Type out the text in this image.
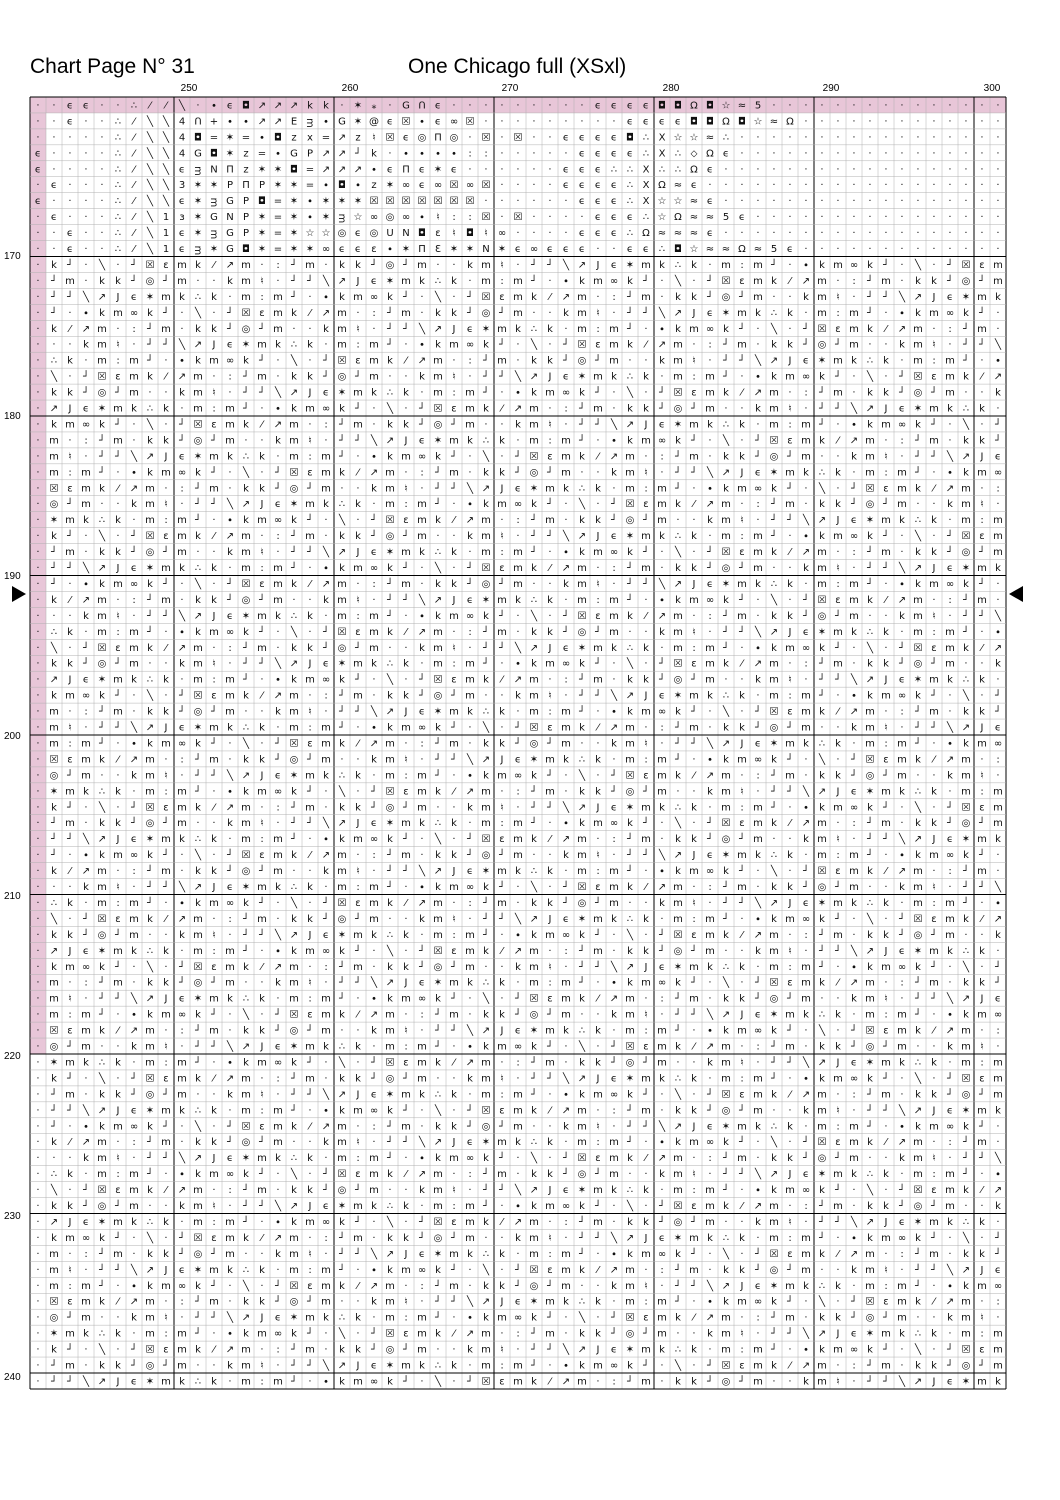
Chart Page N° 31	One Chicago full (XSxl)
250	260	270	280	290	300
170
180
190
200
210
220
230
240
· · ϵ ϵ · · ∴ ⁄ ⁄ ╲ · ∙ ϵ ◘ ↗ ↗ ↗ k k · ✶ ⁎ · G Ո ϵ · · · · · · · · · ϵ ϵ ϵ ϵ ◘ ◘ Ω ◘ ☆ ≈ 5 · · · · · · · · · · · · · · ·
· · ϵ · · ∴ ⁄ ╲ ╲ 4 Ո + ∙ ∙ ↗ ↗ E ᴟ ∙ G ✶ @ ϵ ☒ ∙ ϵ ∞ ☒ · · · · · · · · · ϵ ϵ ϵ ϵ ◘ ◘ Ω ◘ ☆ ≈ Ω · · · · · · · · · · · · ·
· · · · · ∴ ⁄ ╲ ╲ 4 ◘ = ✶ = ∙ ◘ z x = ↗ z ♮ ☒ ϵ ◎ Π ◎ · ☒ · ☒ · · ϵ ϵ ϵ ϵ ◘ ∴ X ☆ ☆ ≈ ∴ · · · · · · · · · · · · · · · · ·
ϵ · · · · ∴ ⁄ ╲ ╲ 4 G ◘ ✶ z = ∙ G P ↗ ↗ ┘ k · ∙ ∙ ∙ ∙ : : · · · · · ϵ ϵ ϵ ϵ ∴ X ∴ ⬦ Ω ϵ · · · · · · · · · · · · · · · · ·
ϵ · · · · ∴ ⁄ ╲ ╲ ϵ ᴟ N Π z ✶ ✶ ◘ = ↗ ↗ ↗ ∙ ϵ Π ϵ ✶ ϵ · · · · · · ϵ ϵ ϵ ∴ ∴ X ∴ ∴ Ω ϵ · · · · · · · · · · · · · · · · · ·
· ϵ · · · ∴ ⁄ ╲ ╲ 3 ✶ ✶ P Π P ✶ ✶ = ∙ ◘ ∙ z ✶ ∞ ϵ ∞ ☒ ∞ ☒ · · · · ϵ ϵ ϵ ϵ ∴ X Ω ≈ ϵ · · · · · · · · · · · · · · · · · · ·
ϵ · · · · ∴ ⁄ ╲ ╲ ϵ ✶ ᴟ G P ◘ = ✶ ∙ ✶ ✶ ✶ ☒ ☒ ☒ ☒ ☒ ☒ ☒ · · · · · · ϵ ϵ ϵ ∴ X ☆ ☆ ≈ ϵ · · · · · · · · · · · · · · · · · ·
· ϵ · · · ∴ ⁄ ╲ 1 ɜ ✶ G N P ✶ = ✶ ∙ ✶ ᴟ ☆ ∞ ◎ ∞ ∙ ♮ : : ☒ · ☒ · · · · ϵ ϵ ϵ ∴ ☆ Ω ≈ ≈ 5 ϵ · · · · · · · · · · · · · · · ·
· · ϵ · · ∴ ⁄ ╲ 1 ϵ ✶ ᴟ G P ✶ = ✶ ☆ ☆ ◎ ϵ ◎ Ս N ◘ ɛ ♮ ◘ ♮ ∞ · · · · ϵ ϵ ϵ ∴ Ω ≈ ≈ ≈ ϵ · · · · · · · · · · · · · · · · · ·
· · ϵ · · ∴ ⁄ ╲ 1 ϵ ᴟ ✶ G ◘ ✶ = ✶ ✶ ∞ ϵ ϵ ɛ ∙ ✶ Π Ɛ ✶ ✶ N ✶ ϵ ∞ ϵ ϵ ϵ · · ϵ ϵ ∴ ◘ ☆ ≈ ≈ Ω ≈ 5 ϵ · · · · · · · · · · · · ·
· k ┘ · ╲ · ┘ ☒ ε m k ⁄ ↗ m · : ┘ m · k k ┘ ◎ ┘ m · · k m ♮ · ┘ ┘ ╲ ↗ J ϵ ✶ m k ∴ k · m : m ┘ · ∙ k m ∞ k ┘ · ╲ · ┘ ☒ ε m
· ┘ m · k k ┘ ◎ ┘ m · · k m ♮ · ┘ ┘ ╲ ↗ J ϵ ✶ m k ∴ k · m : m ┘ · ∙ k m ∞ k ┘ · ╲ · ┘ ☒ ε m k ⁄ ↗ m · : ┘ m · k k ┘ ◎ ┘ m
· ┘ ┘ ╲ ↗ J ϵ ✶ m k ∴ k · m : m ┘ · ∙ k m ∞ k ┘ · ╲ · ┘ ☒ ε m k ⁄ ↗ m · : ┘ m · k k ┘ ◎ ┘ m · · k m ♮ · ┘ ┘ ╲ ↗ J ϵ ✶ m k
· ┘ · ∙ k m ∞ k ┘ · ╲ · ┘ ☒ ε m k ⁄ ↗ m · : ┘ m · k k ┘ ◎ ┘ m · · k m ♮ · ┘ ┘ ╲ ↗ J ϵ ✶ m k ∴ k · m : m ┘ · ∙ k m ∞ k ┘ ·
· k ⁄ ↗ m · : ┘ m · k k ┘ ◎ ┘ m · · k m ♮ · ┘ ┘ ╲ ↗ J ϵ ✶ m k ∴ k · m : m ┘ · ∙ k m ∞ k ┘ · ╲ · ┘ ☒ ε m k ⁄ ↗ m · : ┘ m ·
· · · k m ♮ · ┘ ┘ ╲ ↗ J ϵ ✶ m k ∴ k · m : m ┘ · ∙ k m ∞ k ┘ · ╲ · ┘ ☒ ε m k ⁄ ↗ m · : ┘ m · k k ┘ ◎ ┘ m · · k m ♮ · ┘ ┘ ╲
· ∴ k · m : m ┘ · ∙ k m ∞ k ┘ · ╲ · ┘ ☒ ε m k ⁄ ↗ m · : ┘ m · k k ┘ ◎ ┘ m · · k m ♮ · ┘ ┘ ╲ ↗ J ϵ ✶ m k ∴ k · m : m ┘ · ∙
· ╲ · ┘ ☒ ε m k ⁄ ↗ m · : ┘ m · k k ┘ ◎ ┘ m · · k m ♮ · ┘ ┘ ╲ ↗ J ϵ ✶ m k ∴ k · m : m ┘ · ∙ k m ∞ k ┘ · ╲ · ┘ ☒ ε m k ⁄ ↗
· k k ┘ ◎ ┘ m · · k m ♮ · ┘ ┘ ╲ ↗ J ϵ ✶ m k ∴ k · m : m ┘ · ∙ k m ∞ k ┘ · ╲ · ┘ ☒ ε m k ⁄ ↗ m · : ┘ m · k k ┘ ◎ ┘ m · · k
· ↗ J ϵ ✶ m k ∴ k · m : m ┘ · ∙ k m ∞ k ┘ · ╲ · ┘ ☒ ε m k ⁄ ↗ m · : ┘ m · k k ┘ ◎ ┘ m · · k m ♮ · ┘ ┘ ╲ ↗ J ϵ ✶ m k ∴ k ·
· k m ∞ k ┘ · ╲ · ┘ ☒ ε m k ⁄ ↗ m · : ┘ m · k k ┘ ◎ ┘ m · · k m ♮ · ┘ ┘ ╲ ↗ J ϵ ✶ m k ∴ k · m : m ┘ · ∙ k m ∞ k ┘ · ╲ · ┘
· m · : ┘ m · k k ┘ ◎ ┘ m · · k m ♮ · ┘ ┘ ╲ ↗ J ϵ ✶ m k ∴ k · m : m ┘ · ∙ k m ∞ k ┘ · ╲ · ┘ ☒ ε m k ⁄ ↗ m · : ┘ m · k k ┘
· m ♮ · ┘ ┘ ╲ ↗ J ϵ ✶ m k ∴ k · m : m ┘ · ∙ k m ∞ k ┘ · ╲ · ┘ ☒ ε m k ⁄ ↗ m · : ┘ m · k k ┘ ◎ ┘ m · · k m ♮ · ┘ ┘ ╲ ↗ J ϵ
· m : m ┘ · ∙ k m ∞ k ┘ · ╲ · ┘ ☒ ε m k ⁄ ↗ m · : ┘ m · k k ┘ ◎ ┘ m · · k m ♮ · ┘ ┘ ╲ ↗ J ϵ ✶ m k ∴ k · m : m ┘ · ∙ k m ∞
· ☒ ε m k ⁄ ↗ m · : ┘ m · k k ┘ ◎ ┘ m · · k m ♮ · ┘ ┘ ╲ ↗ J ϵ ✶ m k ∴ k · m : m ┘ · ∙ k m ∞ k ┘ · ╲ · ┘ ☒ ε m k ⁄ ↗ m · :
· ◎ ┘ m · · k m ♮ · ┘ ┘ ╲ ↗ J ϵ ✶ m k ∴ k · m : m ┘ · ∙ k m ∞ k ┘ · ╲ · ┘ ☒ ε m k ⁄ ↗ m · : ┘ m · k k ┘ ◎ ┘ m · · k m ♮ ·
· ✶ m k ∴ k · m : m ┘ · ∙ k m ∞ k ┘ · ╲ · ┘ ☒ ε m k ⁄ ↗ m · : ┘ m · k k ┘ ◎ ┘ m · · k m ♮ · ┘ ┘ ╲ ↗ J ϵ ✶ m k ∴ k · m : m
· k ┘ · ╲ · ┘ ☒ ε m k ⁄ ↗ m · : ┘ m · k k ┘ ◎ ┘ m · · k m ♮ · ┘ ┘ ╲ ↗ J ϵ ✶ m k ∴ k · m : m ┘ · ∙ k m ∞ k ┘ · ╲ · ┘ ☒ ε m
· ┘ m · k k ┘ ◎ ┘ m · · k m ♮ · ┘ ┘ ╲ ↗ J ϵ ✶ m k ∴ k · m : m ┘ · ∙ k m ∞ k ┘ · ╲ · ┘ ☒ ε m k ⁄ ↗ m · : ┘ m · k k ┘ ◎ ┘ m
· ┘ ┘ ╲ ↗ J ϵ ✶ m k ∴ k · m : m ┘ · ∙ k m ∞ k ┘ · ╲ · ┘ ☒ ε m k ⁄ ↗ m · : ┘ m · k k ┘ ◎ ┘ m · · k m ♮ · ┘ ┘ ╲ ↗ J ϵ ✶ m k
· ┘ · ∙ k m ∞ k ┘ · ╲ · ┘ ☒ ε m k ⁄ ↗ m · : ┘ m · k k ┘ ◎ ┘ m · · k m ♮ · ┘ ┘ ╲ ↗ J ϵ ✶ m k ∴ k · m : m ┘ · ∙ k m ∞ k ┘ ·
· k ⁄ ↗ m · : ┘ m · k k ┘ ◎ ┘ m · · k m ♮ · ┘ ┘ ╲ ↗ J ϵ ✶ m k ∴ k · m : m ┘ · ∙ k m ∞ k ┘ · ╲ · ┘ ☒ ε m k ⁄ ↗ m · : ┘ m ·
· · · k m ♮ · ┘ ┘ ╲ ↗ J ϵ ✶ m k ∴ k · m : m ┘ · ∙ k m ∞ k ┘ · ╲ · ┘ ☒ ε m k ⁄ ↗ m · : ┘ m · k k ┘ ◎ ┘ m · · k m ♮ · ┘ ┘ ╲
· ∴ k · m : m ┘ · ∙ k m ∞ k ┘ · ╲ · ┘ ☒ ε m k ⁄ ↗ m · : ┘ m · k k ┘ ◎ ┘ m · · k m ♮ · ┘ ┘ ╲ ↗ J ϵ ✶ m k ∴ k · m : m ┘ · ∙
· ╲ · ┘ ☒ ε m k ⁄ ↗ m · : ┘ m · k k ┘ ◎ ┘ m · · k m ♮ · ┘ ┘ ╲ ↗ J ϵ ✶ m k ∴ k · m : m ┘ · ∙ k m ∞ k ┘ · ╲ · ┘ ☒ ε m k ⁄ ↗
· k k ┘ ◎ ┘ m · · k m ♮ · ┘ ┘ ╲ ↗ J ϵ ✶ m k ∴ k · m : m ┘ · ∙ k m ∞ k ┘ · ╲ · ┘ ☒ ε m k ⁄ ↗ m · : ┘ m · k k ┘ ◎ ┘ m · · k
· ↗ J ϵ ✶ m k ∴ k · m : m ┘ · ∙ k m ∞ k ┘ · ╲ · ┘ ☒ ε m k ⁄ ↗ m · : ┘ m · k k ┘ ◎ ┘ m · · k m ♮ · ┘ ┘ ╲ ↗ J ϵ ✶ m k ∴ k ·
· k m ∞ k ┘ · ╲ · ┘ ☒ ε m k ⁄ ↗ m · : ┘ m · k k ┘ ◎ ┘ m · · k m ♮ · ┘ ┘ ╲ ↗ J ϵ ✶ m k ∴ k · m : m ┘ · ∙ k m ∞ k ┘ · ╲ · ┘
· m · : ┘ m · k k ┘ ◎ ┘ m · · k m ♮ · ┘ ┘ ╲ ↗ J ϵ ✶ m k ∴ k · m : m ┘ · ∙ k m ∞ k ┘ · ╲ · ┘ ☒ ε m k ⁄ ↗ m · : ┘ m · k k ┘
· m ♮ · ┘ ┘ ╲ ↗ J ϵ ✶ m k ∴ k · m : m ┘ · ∙ k m ∞ k ┘ · ╲ · ┘ ☒ ε m k ⁄ ↗ m · : ┘ m · k k ┘ ◎ ┘ m · · k m ♮ · ┘ ┘ ╲ ↗ J ϵ
· m : m ┘ · ∙ k m ∞ k ┘ · ╲ · ┘ ☒ ε m k ⁄ ↗ m · : ┘ m · k k ┘ ◎ ┘ m · · k m ♮ · ┘ ┘ ╲ ↗ J ϵ ✶ m k ∴ k · m : m ┘ · ∙ k m ∞
· ☒ ε m k ⁄ ↗ m · : ┘ m · k k ┘ ◎ ┘ m · · k m ♮ · ┘ ┘ ╲ ↗ J ϵ ✶ m k ∴ k · m : m ┘ · ∙ k m ∞ k ┘ · ╲ · ┘ ☒ ε m k ⁄ ↗ m · :
· ◎ ┘ m · · k m ♮ · ┘ ┘ ╲ ↗ J ϵ ✶ m k ∴ k · m : m ┘ · ∙ k m ∞ k ┘ · ╲ · ┘ ☒ ε m k ⁄ ↗ m · : ┘ m · k k ┘ ◎ ┘ m · · k m ♮ ·
· ✶ m k ∴ k · m : m ┘ · ∙ k m ∞ k ┘ · ╲ · ┘ ☒ ε m k ⁄ ↗ m · : ┘ m · k k ┘ ◎ ┘ m · · k m ♮ · ┘ ┘ ╲ ↗ J ϵ ✶ m k ∴ k · m : m
· k ┘ · ╲ · ┘ ☒ ε m k ⁄ ↗ m · : ┘ m · k k ┘ ◎ ┘ m · · k m ♮ · ┘ ┘ ╲ ↗ J ϵ ✶ m k ∴ k · m : m ┘ · ∙ k m ∞ k ┘ · ╲ · ┘ ☒ ε m
· ┘ m · k k ┘ ◎ ┘ m · · k m ♮ · ┘ ┘ ╲ ↗ J ϵ ✶ m k ∴ k · m : m ┘ · ∙ k m ∞ k ┘ · ╲ · ┘ ☒ ε m k ⁄ ↗ m · : ┘ m · k k ┘ ◎ ┘ m
· ┘ ┘ ╲ ↗ J ϵ ✶ m k ∴ k · m : m ┘ · ∙ k m ∞ k ┘ · ╲ · ┘ ☒ ε m k ⁄ ↗ m · : ┘ m · k k ┘ ◎ ┘ m · · k m ♮ · ┘ ┘ ╲ ↗ J ϵ ✶ m k
· ┘ · ∙ k m ∞ k ┘ · ╲ · ┘ ☒ ε m k ⁄ ↗ m · : ┘ m · k k ┘ ◎ ┘ m · · k m ♮ · ┘ ┘ ╲ ↗ J ϵ ✶ m k ∴ k · m : m ┘ · ∙ k m ∞ k ┘ ·
· k ⁄ ↗ m · : ┘ m · k k ┘ ◎ ┘ m · · k m ♮ · ┘ ┘ ╲ ↗ J ϵ ✶ m k ∴ k · m : m ┘ · ∙ k m ∞ k ┘ · ╲ · ┘ ☒ ε m k ⁄ ↗ m · : ┘ m ·
· · · k m ♮ · ┘ ┘ ╲ ↗ J ϵ ✶ m k ∴ k · m : m ┘ · ∙ k m ∞ k ┘ · ╲ · ┘ ☒ ε m k ⁄ ↗ m · : ┘ m · k k ┘ ◎ ┘ m · · k m ♮ · ┘ ┘ ╲
· ∴ k · m : m ┘ · ∙ k m ∞ k ┘ · ╲ · ┘ ☒ ε m k ⁄ ↗ m · : ┘ m · k k ┘ ◎ ┘ m · · k m ♮ · ┘ ┘ ╲ ↗ J ϵ ✶ m k ∴ k · m : m ┘ · ∙
· ╲ · ┘ ☒ ε m k ⁄ ↗ m · : ┘ m · k k ┘ ◎ ┘ m · · k m ♮ · ┘ ┘ ╲ ↗ J ϵ ✶ m k ∴ k · m : m ┘ · ∙ k m ∞ k ┘ · ╲ · ┘ ☒ ε m k ⁄ ↗
· k k ┘ ◎ ┘ m · · k m ♮ · ┘ ┘ ╲ ↗ J ϵ ✶ m k ∴ k · m : m ┘ · ∙ k m ∞ k ┘ · ╲ · ┘ ☒ ε m k ⁄ ↗ m · : ┘ m · k k ┘ ◎ ┘ m · · k
· ↗ J ϵ ✶ m k ∴ k · m : m ┘ · ∙ k m ∞ k ┘ · ╲ · ┘ ☒ ε m k ⁄ ↗ m · : ┘ m · k k ┘ ◎ ┘ m · · k m ♮ · ┘ ┘ ╲ ↗ J ϵ ✶ m k ∴ k ·
· k m ∞ k ┘ · ╲ · ┘ ☒ ε m k ⁄ ↗ m · : ┘ m · k k ┘ ◎ ┘ m · · k m ♮ · ┘ ┘ ╲ ↗ J ϵ ✶ m k ∴ k · m : m ┘ · ∙ k m ∞ k ┘ · ╲ · ┘
· m · : ┘ m · k k ┘ ◎ ┘ m · · k m ♮ · ┘ ┘ ╲ ↗ J ϵ ✶ m k ∴ k · m : m ┘ · ∙ k m ∞ k ┘ · ╲ · ┘ ☒ ε m k ⁄ ↗ m · : ┘ m · k k ┘
· m ♮ · ┘ ┘ ╲ ↗ J ϵ ✶ m k ∴ k · m : m ┘ · ∙ k m ∞ k ┘ · ╲ · ┘ ☒ ε m k ⁄ ↗ m · : ┘ m · k k ┘ ◎ ┘ m · · k m ♮ · ┘ ┘ ╲ ↗ J ϵ
· m : m ┘ · ∙ k m ∞ k ┘ · ╲ · ┘ ☒ ε m k ⁄ ↗ m · : ┘ m · k k ┘ ◎ ┘ m · · k m ♮ · ┘ ┘ ╲ ↗ J ϵ ✶ m k ∴ k · m : m ┘ · ∙ k m ∞
· ☒ ε m k ⁄ ↗ m · : ┘ m · k k ┘ ◎ ┘ m · · k m ♮ · ┘ ┘ ╲ ↗ J ϵ ✶ m k ∴ k · m : m ┘ · ∙ k m ∞ k ┘ · ╲ · ┘ ☒ ε m k ⁄ ↗ m · :
· ◎ ┘ m · · k m ♮ · ┘ ┘ ╲ ↗ J ϵ ✶ m k ∴ k · m : m ┘ · ∙ k m ∞ k ┘ · ╲ · ┘ ☒ ε m k ⁄ ↗ m · : ┘ m · k k ┘ ◎ ┘ m · · k m ♮ ·
· ✶ m k ∴ k · m : m ┘ · ∙ k m ∞ k ┘ · ╲ · ┘ ☒ ε m k ⁄ ↗ m · : ┘ m · k k ┘ ◎ ┘ m · · k m ♮ · ┘ ┘ ╲ ↗ J ϵ ✶ m k ∴ k · m : m
· k ┘ · ╲ · ┘ ☒ ε m k ⁄ ↗ m · : ┘ m · k k ┘ ◎ ┘ m · · k m ♮ · ┘ ┘ ╲ ↗ J ϵ ✶ m k ∴ k · m : m ┘ · ∙ k m ∞ k ┘ · ╲ · ┘ ☒ ε m
· ┘ m · k k ┘ ◎ ┘ m · · k m ♮ · ┘ ┘ ╲ ↗ J ϵ ✶ m k ∴ k · m : m ┘ · ∙ k m ∞ k ┘ · ╲ · ┘ ☒ ε m k ⁄ ↗ m · : ┘ m · k k ┘ ◎ ┘ m
· ┘ ┘ ╲ ↗ J ϵ ✶ m k ∴ k · m : m ┘ · ∙ k m ∞ k ┘ · ╲ · ┘ ☒ ε m k ⁄ ↗ m · : ┘ m · k k ┘ ◎ ┘ m · · k m ♮ · ┘ ┘ ╲ ↗ J ϵ ✶ m k
· ┘ · ∙ k m ∞ k ┘ · ╲ · ┘ ☒ ε m k ⁄ ↗ m · : ┘ m · k k ┘ ◎ ┘ m · · k m ♮ · ┘ ┘ ╲ ↗ J ϵ ✶ m k ∴ k · m : m ┘ · ∙ k m ∞ k ┘ ·
· k ⁄ ↗ m · : ┘ m · k k ┘ ◎ ┘ m · · k m ♮ · ┘ ┘ ╲ ↗ J ϵ ✶ m k ∴ k · m : m ┘ · ∙ k m ∞ k ┘ · ╲ · ┘ ☒ ε m k ⁄ ↗ m · : ┘ m ·
· · · k m ♮ · ┘ ┘ ╲ ↗ J ϵ ✶ m k ∴ k · m : m ┘ · ∙ k m ∞ k ┘ · ╲ · ┘ ☒ ε m k ⁄ ↗ m · : ┘ m · k k ┘ ◎ ┘ m · · k m ♮ · ┘ ┘ ╲
· ∴ k · m : m ┘ · ∙ k m ∞ k ┘ · ╲ · ┘ ☒ ε m k ⁄ ↗ m · : ┘ m · k k ┘ ◎ ┘ m · · k m ♮ · ┘ ┘ ╲ ↗ J ϵ ✶ m k ∴ k · m : m ┘ · ∙
· ╲ · ┘ ☒ ε m k ⁄ ↗ m · : ┘ m · k k ┘ ◎ ┘ m · · k m ♮ · ┘ ┘ ╲ ↗ J ϵ ✶ m k ∴ k · m : m ┘ · ∙ k m ∞ k ┘ · ╲ · ┘ ☒ ε m k ⁄ ↗
· k k ┘ ◎ ┘ m · · k m ♮ · ┘ ┘ ╲ ↗ J ϵ ✶ m k ∴ k · m : m ┘ · ∙ k m ∞ k ┘ · ╲ · ┘ ☒ ε m k ⁄ ↗ m · : ┘ m · k k ┘ ◎ ┘ m · · k
· ↗ J ϵ ✶ m k ∴ k · m : m ┘ · ∙ k m ∞ k ┘ · ╲ · ┘ ☒ ε m k ⁄ ↗ m · : ┘ m · k k ┘ ◎ ┘ m · · k m ♮ · ┘ ┘ ╲ ↗ J ϵ ✶ m k ∴ k ·
· k m ∞ k ┘ · ╲ · ┘ ☒ ε m k ⁄ ↗ m · : ┘ m · k k ┘ ◎ ┘ m · · k m ♮ · ┘ ┘ ╲ ↗ J ϵ ✶ m k ∴ k · m : m ┘ · ∙ k m ∞ k ┘ · ╲ · ┘
· m · : ┘ m · k k ┘ ◎ ┘ m · · k m ♮ · ┘ ┘ ╲ ↗ J ϵ ✶ m k ∴ k · m : m ┘ · ∙ k m ∞ k ┘ · ╲ · ┘ ☒ ε m k ⁄ ↗ m · : ┘ m · k k ┘
· m ♮ · ┘ ┘ ╲ ↗ J ϵ ✶ m k ∴ k · m : m ┘ · ∙ k m ∞ k ┘ · ╲ · ┘ ☒ ε m k ⁄ ↗ m · : ┘ m · k k ┘ ◎ ┘ m · · k m ♮ · ┘ ┘ ╲ ↗ J ϵ
· m : m ┘ · ∙ k m ∞ k ┘ · ╲ · ┘ ☒ ε m k ⁄ ↗ m · : ┘ m · k k ┘ ◎ ┘ m · · k m ♮ · ┘ ┘ ╲ ↗ J ϵ ✶ m k ∴ k · m : m ┘ · ∙ k m ∞
· ☒ ε m k ⁄ ↗ m · : ┘ m · k k ┘ ◎ ┘ m · · k m ♮ · ┘ ┘ ╲ ↗ J ϵ ✶ m k ∴ k · m : m ┘ · ∙ k m ∞ k ┘ · ╲ · ┘ ☒ ε m k ⁄ ↗ m · :
· ◎ ┘ m · · k m ♮ · ┘ ┘ ╲ ↗ J ϵ ✶ m k ∴ k · m : m ┘ · ∙ k m ∞ k ┘ · ╲ · ┘ ☒ ε m k ⁄ ↗ m · : ┘ m · k k ┘ ◎ ┘ m · · k m ♮ ·
· ✶ m k ∴ k · m : m ┘ · ∙ k m ∞ k ┘ · ╲ · ┘ ☒ ε m k ⁄ ↗ m · : ┘ m · k k ┘ ◎ ┘ m · · k m ♮ · ┘ ┘ ╲ ↗ J ϵ ✶ m k ∴ k · m : m
· k ┘ · ╲ · ┘ ☒ ε m k ⁄ ↗ m · : ┘ m · k k ┘ ◎ ┘ m · · k m ♮ · ┘ ┘ ╲ ↗ J ϵ ✶ m k ∴ k · m : m ┘ · ∙ k m ∞ k ┘ · ╲ · ┘ ☒ ε m
· ┘ m · k k ┘ ◎ ┘ m · · k m ♮ · ┘ ┘ ╲ ↗ J ϵ ✶ m k ∴ k · m : m ┘ · ∙ k m ∞ k ┘ · ╲ · ┘ ☒ ε m k ⁄ ↗ m · : ┘ m · k k ┘ ◎ ┘ m
· ┘ ┘ ╲ ↗ J ϵ ✶ m k ∴ k · m : m ┘ · ∙ k m ∞ k ┘ · ╲ · ┘ ☒ ε m k ⁄ ↗ m · : ┘ m · k k ┘ ◎ ┘ m · · k m ♮ · ┘ ┘ ╲ ↗ J ϵ ✶ m k
